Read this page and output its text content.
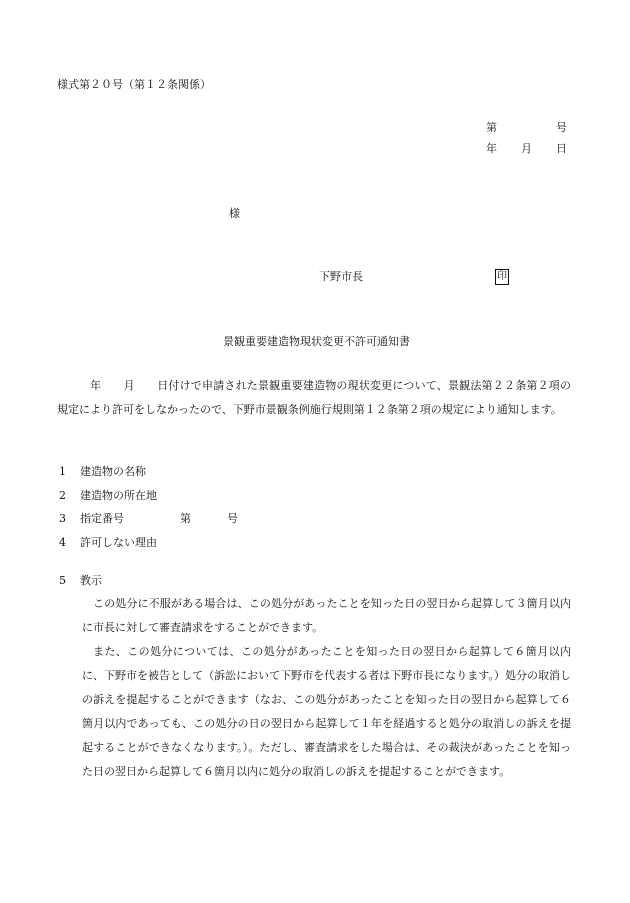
様式第２０号（第１２条関係）
第	号
年 月 日
様
下野市長	印
景観重要建造物現状変更不許可通知書

年　　月　　日付けで申請された景観重要建造物の現状変更について、景観法第２２条第２項の規定により許可をしなかったので、下野市景観条例施行規則第１２条第２項の規定により通知します。

1 建造物の名称
2 建造物の所在地
3 指定番号	第	号
4 許可しない理由
5 教示

この処分に不服がある場合は、この処分があったことを知った日の翌日から起算して３箇月以内に市長に対して審査請求をすることができます。

また、この処分については、この処分があったことを知った日の翌日から起算して６箇月以内に、下野市を被告として（訴訟において下野市を代表する者は下野市長になります。）処分の取消しの訴えを提起することができます（なお、この処分があったことを知った日の翌日から起算して６箇月以内であっても、この処分の日の翌日から起算して１年を経過すると処分の取消しの訴えを提起することができなくなります。）。ただし、審査請求をした場合は、その裁決があったことを知った日の翌日から起算して６箇月以内に処分の取消しの訴えを提起することができます。
